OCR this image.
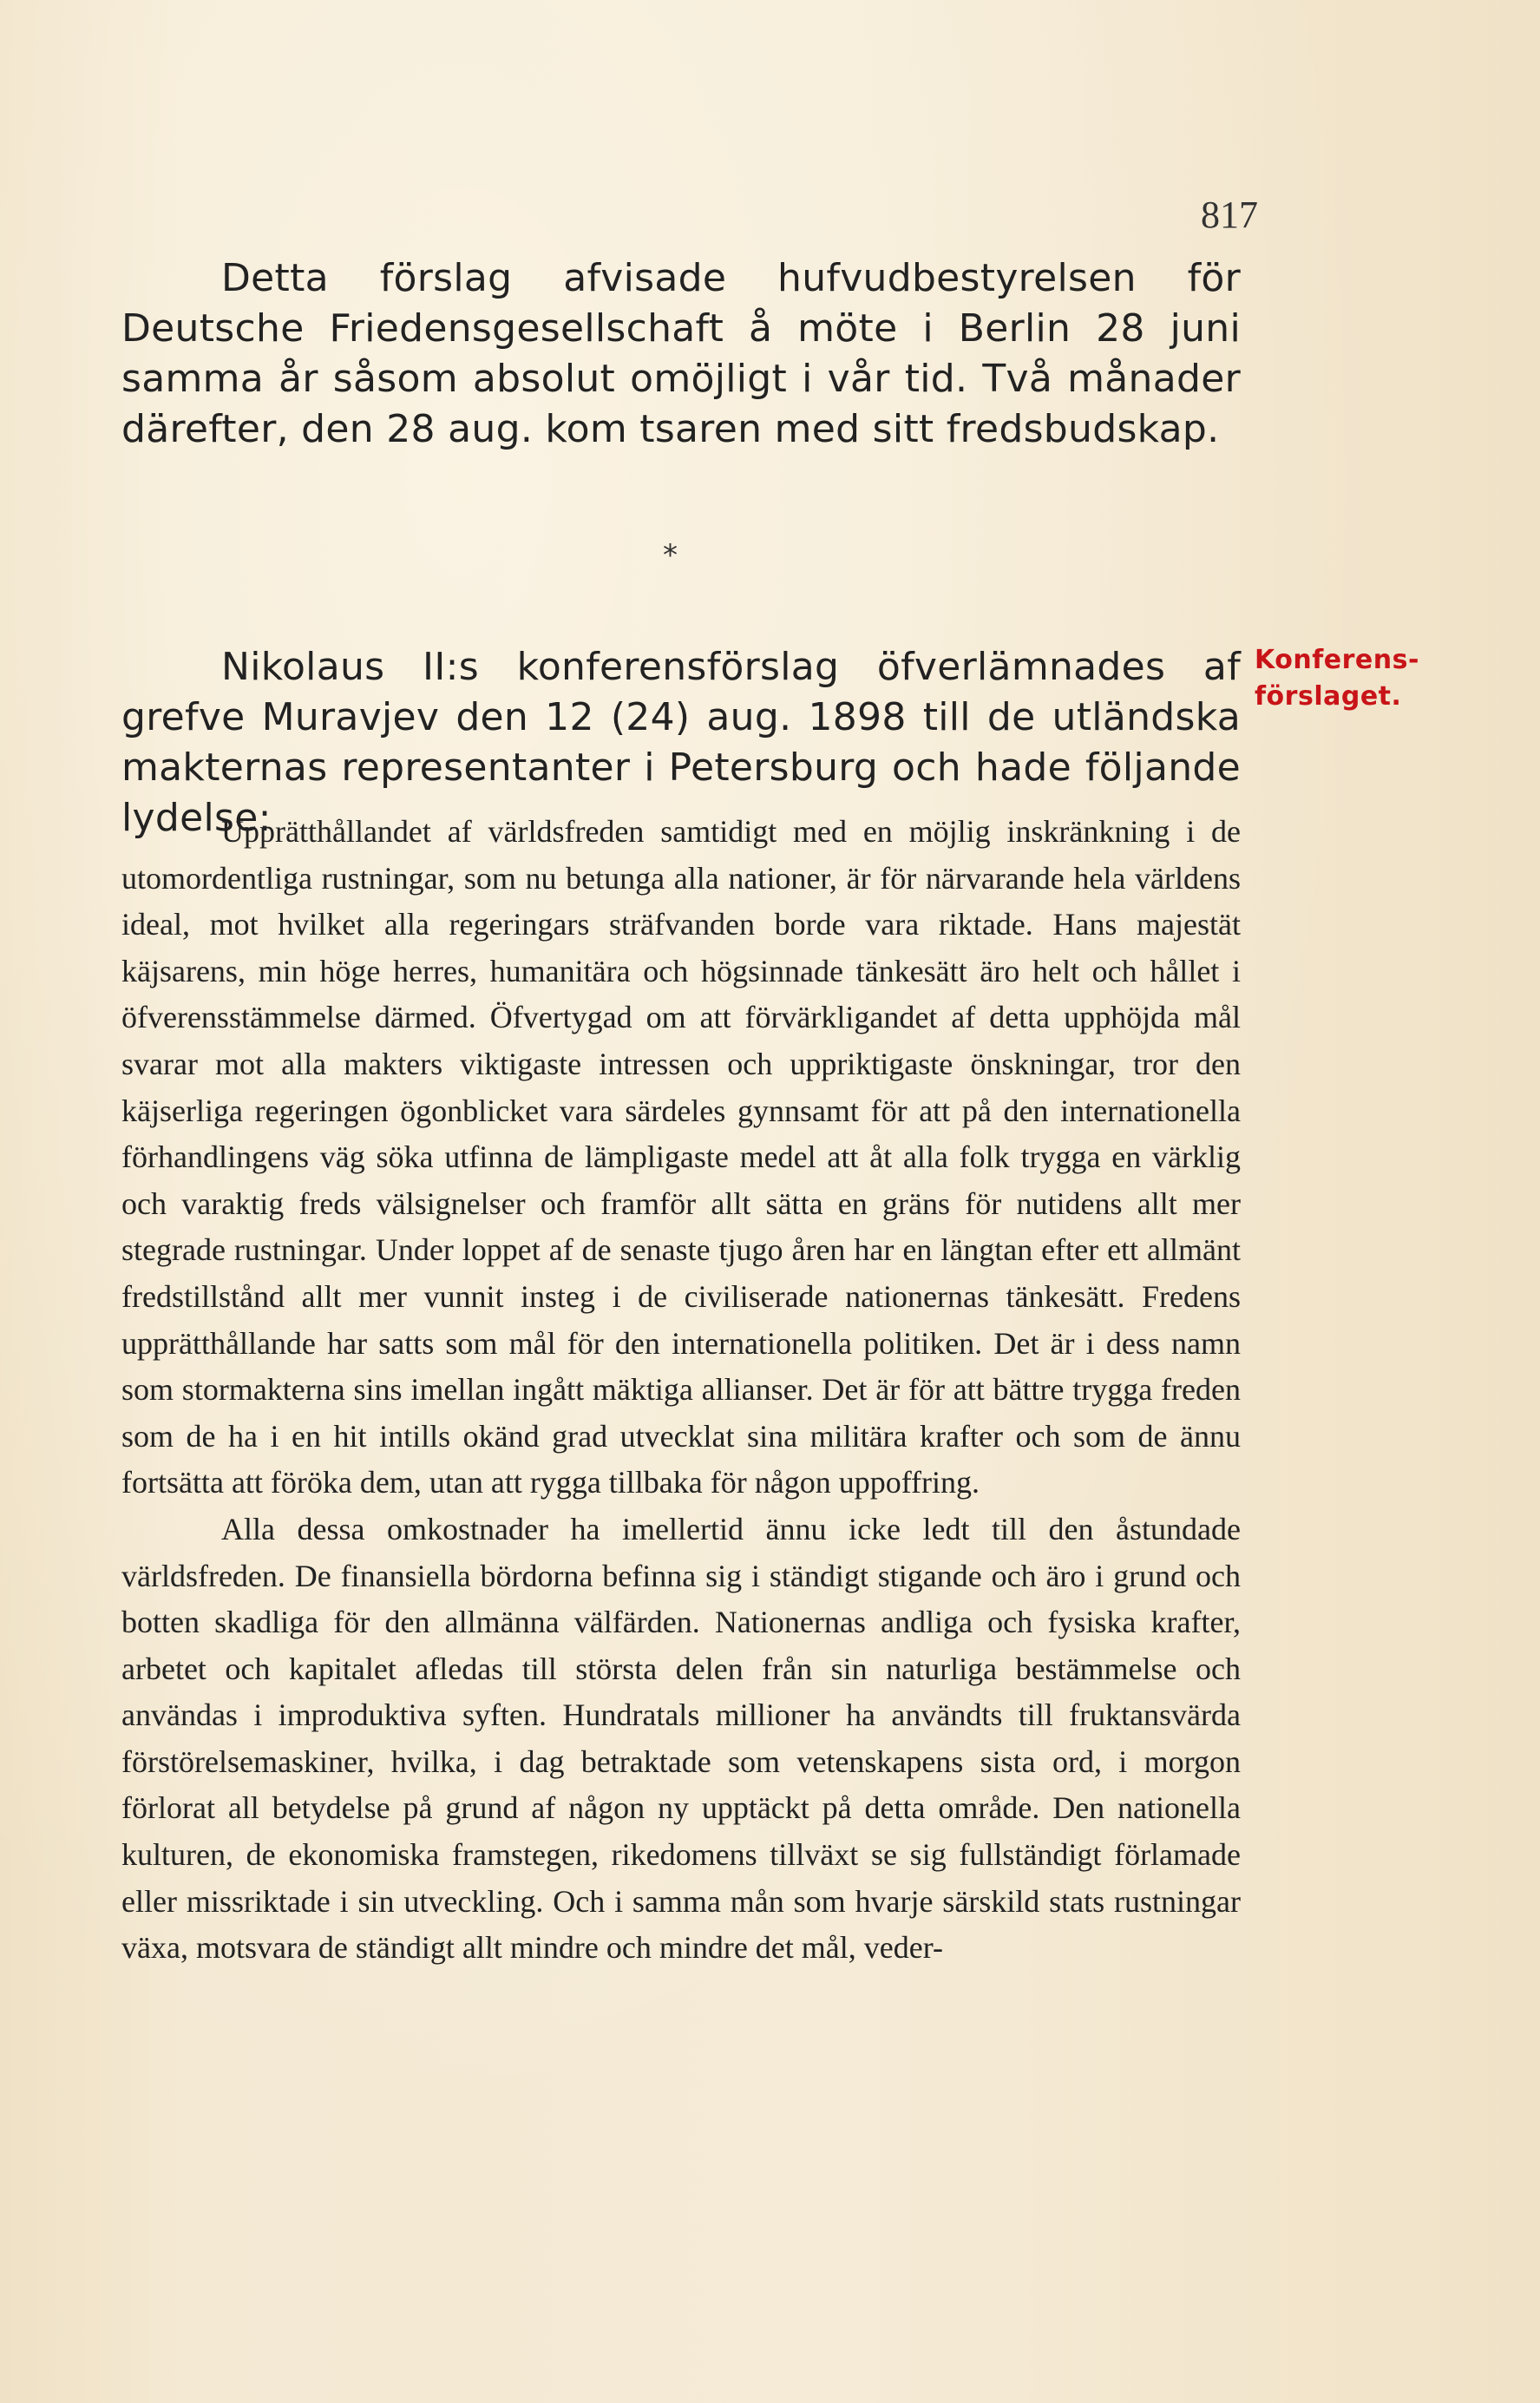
817

Detta förslag afvisade hufvudbestyrelsen för Deutsche Friedensgesellschaft å möte i Berlin 28 juni samma år såsom absolut omöjligt i vår tid. Två månader därefter, den 28 aug. kom tsaren med sitt fredsbudskap.

*
Konferens-
förslaget.

Nikolaus II:s konferensförslag öfverlämnades af grefve Muravjev den 12 (24) aug. 1898 till de utländska makternas representanter i Petersburg och hade följande lydelse:

Upprätthållandet af världsfreden samtidigt med en möjlig inskränkning i de utomordentliga rustningar, som nu betunga alla nationer, är för närvarande hela världens ideal, mot hvilket alla regeringars sträfvanden borde vara riktade. Hans majestät käjsarens, min höge herres, humanitära och högsinnade tänkesätt äro helt och hållet i öfverensstämmelse därmed. Öfvertygad om att förvärkligandet af detta upphöjda mål svarar mot alla makters viktigaste intressen och uppriktigaste önskningar, tror den käjserliga regeringen ögonblicket vara särdeles gynnsamt för att på den internationella förhandlingens väg söka utfinna de lämpligaste medel att åt alla folk trygga en värklig och varaktig freds välsignelser och framför allt sätta en gräns för nutidens allt mer stegrade rustningar. Under loppet af de senaste tjugo åren har en längtan efter ett allmänt fredstillstånd allt mer vunnit insteg i de civiliserade nationernas tänkesätt. Fredens upprätthållande har satts som mål för den internationella politiken. Det är i dess namn som stormakterna sins imellan ingått mäktiga allianser. Det är för att bättre trygga freden som de ha i en hit intills okänd grad utvecklat sina militära krafter och som de ännu fortsätta att föröka dem, utan att rygga tillbaka för någon uppoffring.

Alla dessa omkostnader ha imellertid ännu icke ledt till den åstundade världsfreden. De finansiella bördorna befinna sig i ständigt stigande och äro i grund och botten skadliga för den allmänna välfärden. Nationernas andliga och fysiska krafter, arbetet och kapitalet afledas till största delen från sin naturliga bestämmelse och användas i improduktiva syften. Hundratals millioner ha användts till fruktansvärda förstörelsemaskiner, hvilka, i dag betraktade som vetenskapens sista ord, i morgon förlorat all betydelse på grund af någon ny upptäckt på detta område. Den nationella kulturen, de ekonomiska framstegen, rikedomens tillväxt se sig fullständigt förlamade eller missriktade i sin utveckling. Och i samma mån som hvarje särskild stats rustningar växa, motsvara de ständigt allt mindre och mindre det mål, veder-
